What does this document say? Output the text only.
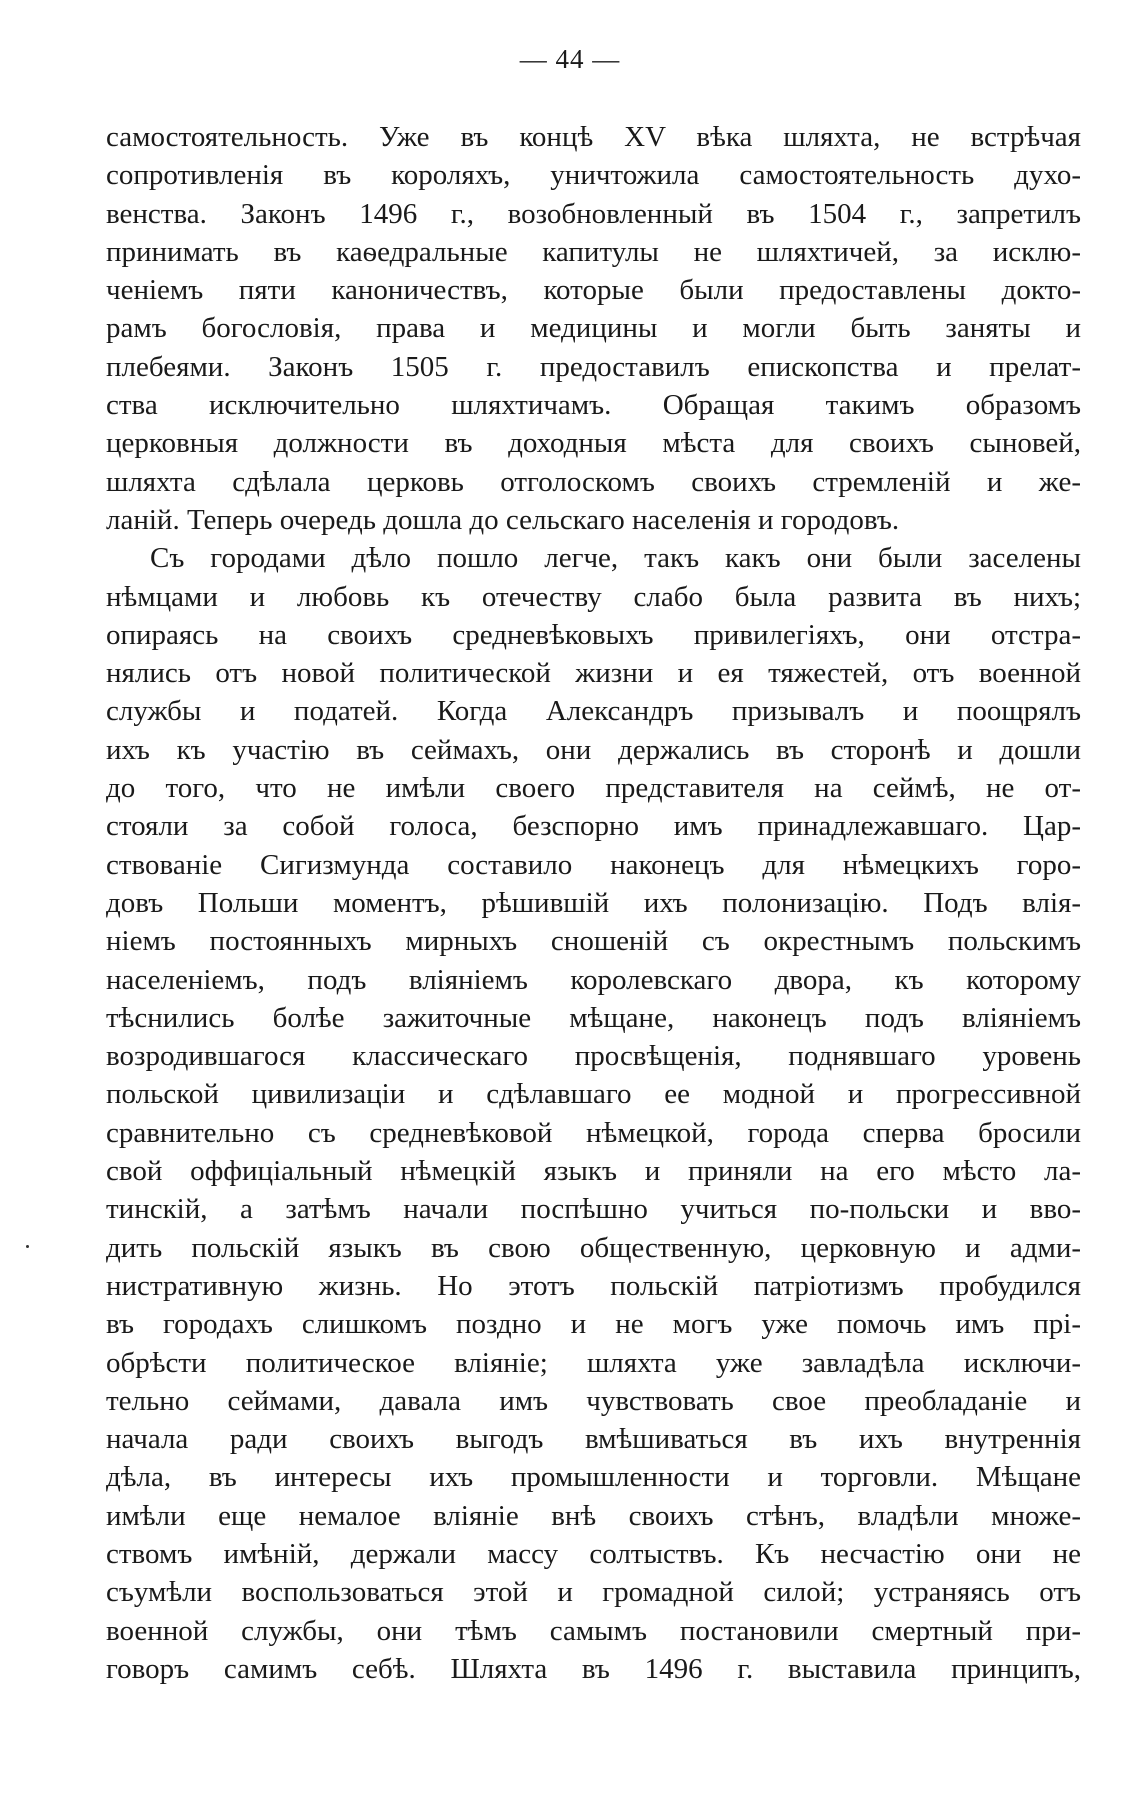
— 44 —
самостоятельность. Уже въ концѣ XV вѣка шляхта, не встрѣчая
сопротивленія въ короляхъ, уничтожила самостоятельность духо-
венства. Законъ 1496 г., возобновленный въ 1504 г., запретилъ
принимать въ каѳедральные капитулы не шляхтичей, за исклю-
ченіемъ пяти каноничествъ, которые были предоставлены докто-
рамъ богословія, права и медицины и могли быть заняты и
плебеями. Законъ 1505 г. предоставилъ епископства и прелат-
ства исключительно шляхтичамъ. Обращая такимъ образомъ
церковныя должности въ доходныя мѣста для своихъ сыновей,
шляхта сдѣлала церковь отголоскомъ своихъ стремленій и же-
ланій. Теперь очередь дошла до сельскаго населенія и городовъ.
Съ городами дѣло пошло легче, такъ какъ они были заселены
нѣмцами и любовь къ отечеству слабо была развита въ нихъ;
опираясь на своихъ средневѣковыхъ привилегіяхъ, они отстра-
нялись отъ новой политической жизни и ея тяжестей, отъ военной
службы и податей. Когда Александръ призывалъ и поощрялъ
ихъ къ участію въ сеймахъ, они держались въ сторонѣ и дошли
до того, что не имѣли своего представителя на сеймѣ, не от-
стояли за собой голоса, безспорно имъ принадлежавшаго. Цар-
ствованіе Сигизмунда составило наконецъ для нѣмецкихъ горо-
довъ Польши моментъ, рѣшившій ихъ полонизацію. Подъ влія-
ніемъ постоянныхъ мирныхъ сношеній съ окрестнымъ польскимъ
населеніемъ, подъ вліяніемъ королевскаго двора, къ которому
тѣснились болѣе зажиточные мѣщане, наконецъ подъ вліяніемъ
возродившагося классическаго просвѣщенія, поднявшаго уровень
польской цивилизаціи и сдѣлавшаго ее модной и прогрессивной
сравнительно съ средневѣковой нѣмецкой, города сперва бросили
свой оффиціальный нѣмецкій языкъ и приняли на его мѣсто ла-
тинскій, а затѣмъ начали поспѣшно учиться по-польски и вво-
дить польскій языкъ въ свою общественную, церковную и адми-
нистративную жизнь. Но этотъ польскій патріотизмъ пробудился
въ городахъ слишкомъ поздно и не могъ уже помочь имъ прі-
обрѣсти политическое вліяніе; шляхта уже завладѣла исключи-
тельно сеймами, давала имъ чувствовать свое преобладаніе и
начала ради своихъ выгодъ вмѣшиваться въ ихъ внутреннія
дѣла, въ интересы ихъ промышленности и торговли. Мѣщане
имѣли еще немалое вліяніе внѣ своихъ стѣнъ, владѣли множе-
ствомъ имѣній, держали массу солтыствъ. Къ несчастію они не
съумѣли воспользоваться этой и громадной силой; устраняясь отъ
военной службы, они тѣмъ самымъ постановили смертный при-
говоръ самимъ себѣ. Шляхта въ 1496 г. выставила принципъ,
